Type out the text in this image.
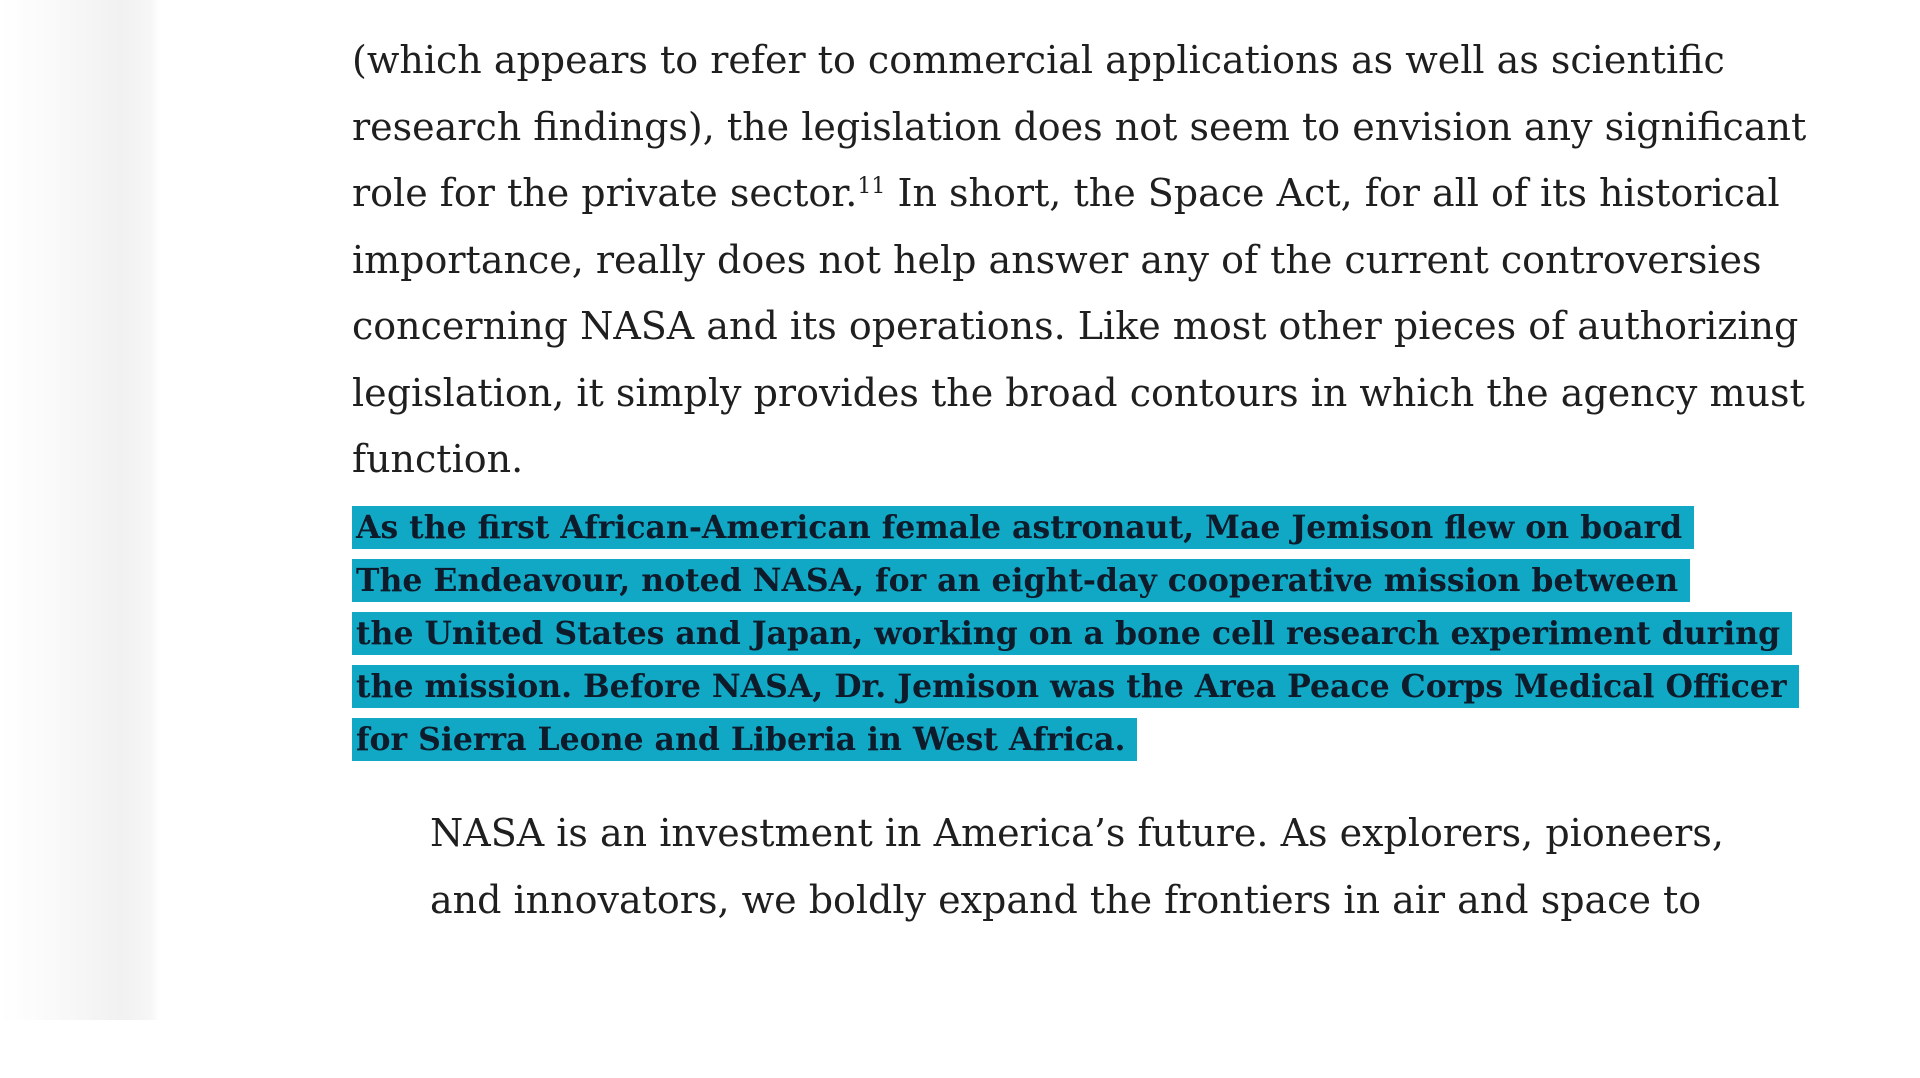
(which appears to refer to commercial applications as well as scientific
research findings), the legislation does not seem to envision any significant
role for the private sector.$^{11}$ In short, the Space Act, for all of its historical
importance, really does not help answer any of the current controversies
concerning NASA and its operations. Like most other pieces of authorizing
legislation, it simply provides the broad contours in which the agency must
function.

As the first African-American female astronaut, Mae Jemison flew on board
The Endeavour, noted NASA, for an eight-day cooperative mission between
the United States and Japan, working on a bone cell research experiment during
the mission. Before NASA, Dr. Jemison was the Area Peace Corps Medical Officer
for Sierra Leone and Liberia in West Africa.

NASA is an investment in America’s future. As explorers, pioneers,
and innovators, we boldly expand the frontiers in air and space to
